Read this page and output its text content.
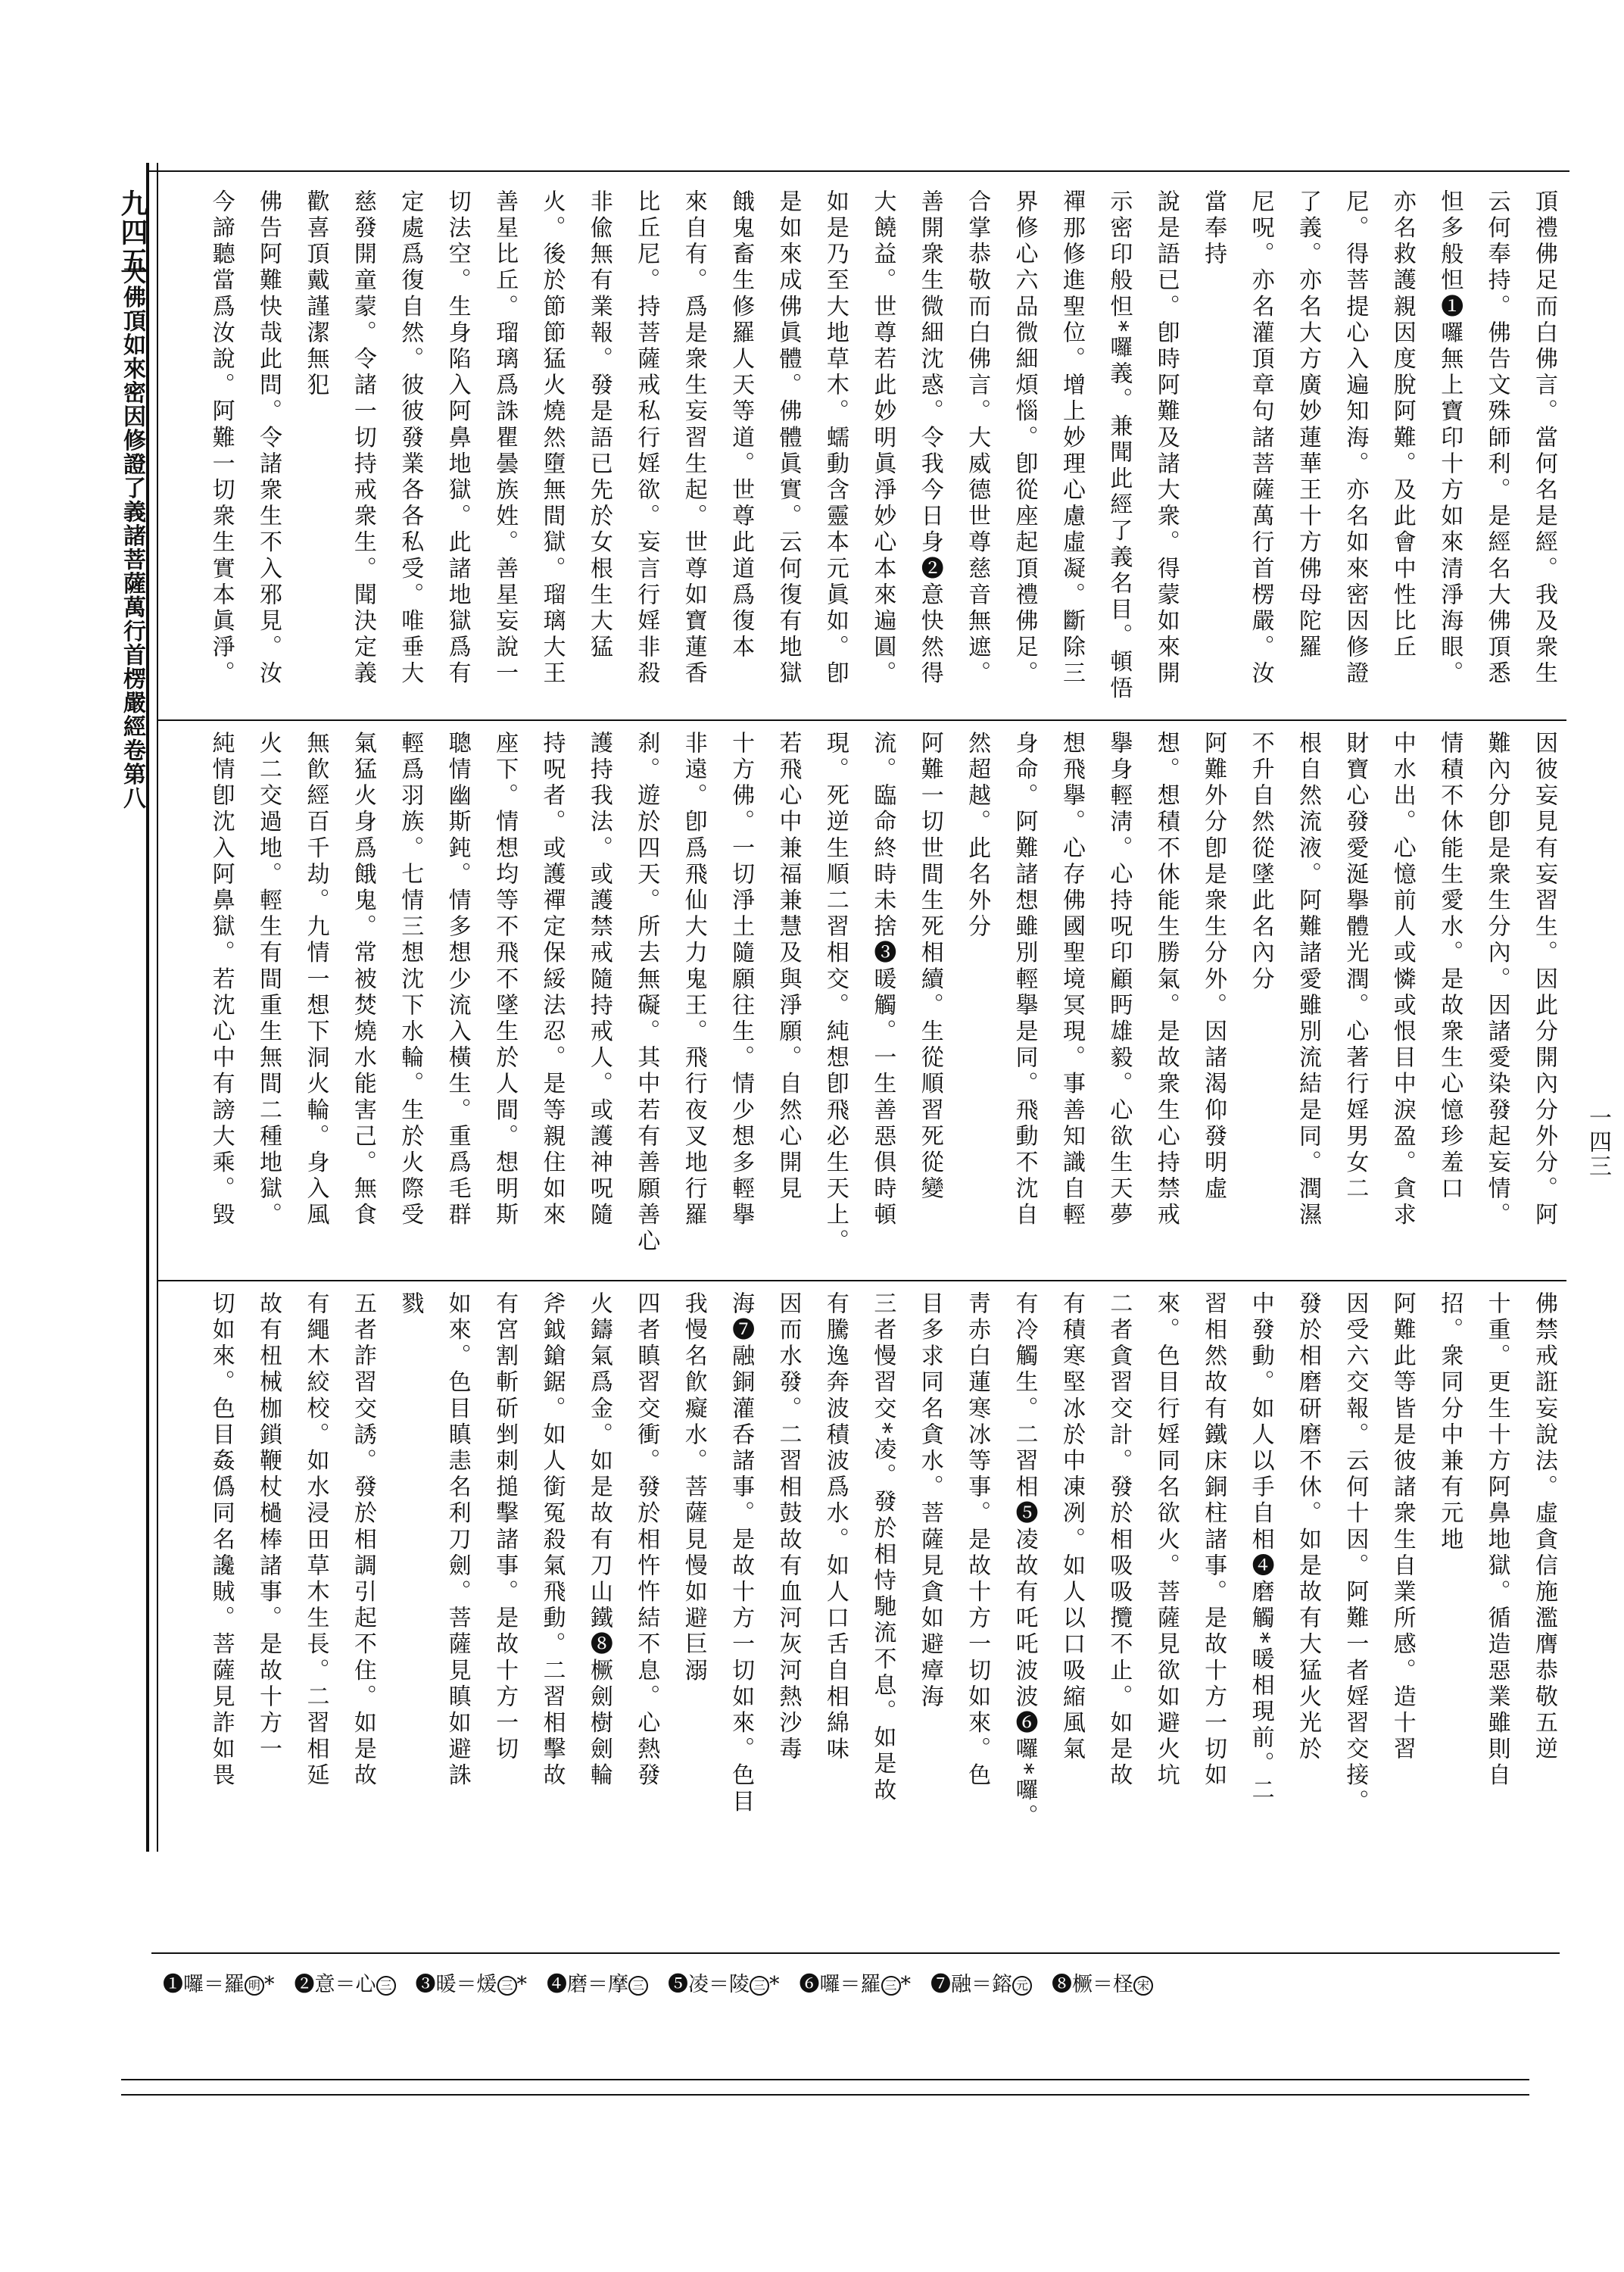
九四五
大佛頂如來密因修證了義諸菩薩萬行首楞嚴經卷第八
一四三
頂禮佛足而白佛言。當何名是經。我及衆生
云何奉持。佛告文殊師利。是經名大佛頂悉
怛多般怛❶囉無上寶印十方如來清淨海眼。
亦名救護親因度脫阿難。及此會中性比丘
尼。得菩提心入遍知海。亦名如來密因修證
了義。亦名大方廣妙蓮華王十方佛母陀羅
尼呪。亦名灌頂章句諸菩薩萬行首楞嚴。汝
當奉持
說是語已。卽時阿難及諸大衆。得蒙如來開
示密印般怛*囉義。兼聞此經了義名目。頓悟
禪那修進聖位。增上妙理心慮虛凝。斷除三
界修心六品微細煩惱。卽從座起頂禮佛足。
合掌恭敬而白佛言。大威德世尊慈音無遮。
善開衆生微細沈惑。令我今日身❷意快然得
大饒益。世尊若此妙明眞淨妙心本來遍圓。
如是乃至大地草木。蠕動含靈本元眞如。卽
是如來成佛眞體。佛體眞實。云何復有地獄
餓鬼畜生修羅人天等道。世尊此道爲復本
來自有。爲是衆生妄習生起。世尊如寶蓮香
比丘尼。持菩薩戒私行婬欲。妄言行婬非殺
非偸無有業報。發是語已先於女根生大猛
火。後於節節猛火燒然墮無間獄。瑠璃大王
善星比丘。瑠璃爲誅瞿曇族姓。善星妄說一
切法空。生身陷入阿鼻地獄。此諸地獄爲有
定處爲復自然。彼彼發業各各私受。唯垂大
慈發開童蒙。令諸一切持戒衆生。聞決定義
歡喜頂戴謹潔無犯
佛告阿難快哉此問。令諸衆生不入邪見。汝
今諦聽當爲汝說。阿難一切衆生實本眞淨。
因彼妄見有妄習生。因此分開內分外分。阿
難內分卽是衆生分內。因諸愛染發起妄情。
情積不休能生愛水。是故衆生心憶珍羞口
中水出。心憶前人或憐或恨目中淚盈。貪求
財寶心發愛涎擧體光潤。心著行婬男女二
根自然流液。阿難諸愛雖別流結是同。潤濕
不升自然從墜此名內分
阿難外分卽是衆生分外。因諸渴仰發明虛
想。想積不休能生勝氣。是故衆生心持禁戒
擧身輕淸。心持呪印顧眄雄毅。心欲生天夢
想飛擧。心存佛國聖境冥現。事善知識自輕
身命。阿難諸想雖別輕擧是同。飛動不沈自
然超越。此名外分
阿難一切世間生死相續。生從順習死從變
流。臨命終時未捨❸暖觸。一生善惡俱時頓
現。死逆生順二習相交。純想卽飛必生天上。
若飛心中兼福兼慧及與淨願。自然心開見
十方佛。一切淨土隨願往生。情少想多輕擧
非遠。卽爲飛仙大力鬼王。飛行夜叉地行羅
刹。遊於四天。所去無礙。其中若有善願善心
護持我法。或護禁戒隨持戒人。或護神呪隨
持呪者。或護禪定保綏法忍。是等親住如來
座下。情想均等不飛不墜生於人間。想明斯
聰情幽斯鈍。情多想少流入橫生。重爲毛群
輕爲羽族。七情三想沈下水輪。生於火際受
氣猛火身爲餓鬼。常被焚燒水能害己。無食
無飮經百千劫。九情一想下洞火輪。身入風
火二交過地。輕生有間重生無間二種地獄。
純情卽沈入阿鼻獄。若沈心中有謗大乘。毀
佛禁戒誑妄說法。虛貪信施濫膺恭敬五逆
十重。更生十方阿鼻地獄。循造惡業雖則自
招。衆同分中兼有元地
阿難此等皆是彼諸衆生自業所感。造十習
因受六交報。云何十因。阿難一者婬習交接。
發於相磨研磨不休。如是故有大猛火光於
中發動。如人以手自相❹磨觸*暖相現前。二
習相然故有鐵床銅柱諸事。是故十方一切如
來。色目行婬同名欲火。菩薩見欲如避火坑
二者貪習交計。發於相吸吸攬不止。如是故
有積寒堅冰於中凍冽。如人以口吸縮風氣
有冷觸生。二習相❺凌故有吒吒波波❻囉*囉。
靑赤白蓮寒冰等事。是故十方一切如來。色
目多求同名貪水。菩薩見貪如避瘴海
三者慢習交*凌。發於相恃馳流不息。如是故
有騰逸奔波積波爲水。如人口舌自相綿味
因而水發。二習相鼓故有血河灰河熱沙毒
海❼融銅灌呑諸事。是故十方一切如來。色目
我慢名飮癡水。菩薩見慢如避巨溺
四者瞋習交衝。發於相忤忤結不息。心熱發
火鑄氣爲金。如是故有刀山鐵❽橛劍樹劍輪
斧鉞鎗鋸。如人銜冤殺氣飛動。二習相擊故
有宮割斬斫剉刺搥擊諸事。是故十方一切
如來。色目瞋恚名利刀劍。菩薩見瞋如避誅
戮
五者詐習交誘。發於相調引起不住。如是故
有繩木絞校。如水浸田草木生長。二習相延
故有杻械枷鎖鞭杖檛棒諸事。是故十方一
切如來。色目姦僞同名讒賊。菩薩見詐如畏
❶囉＝羅 明 * ❷意＝心 三 ❸暖＝煖 三 * ❹磨＝摩 三 ❺凌＝陵 三 * ❻囉＝羅 三 * ❼融＝鎔 元 ❽橛＝柽 宋
